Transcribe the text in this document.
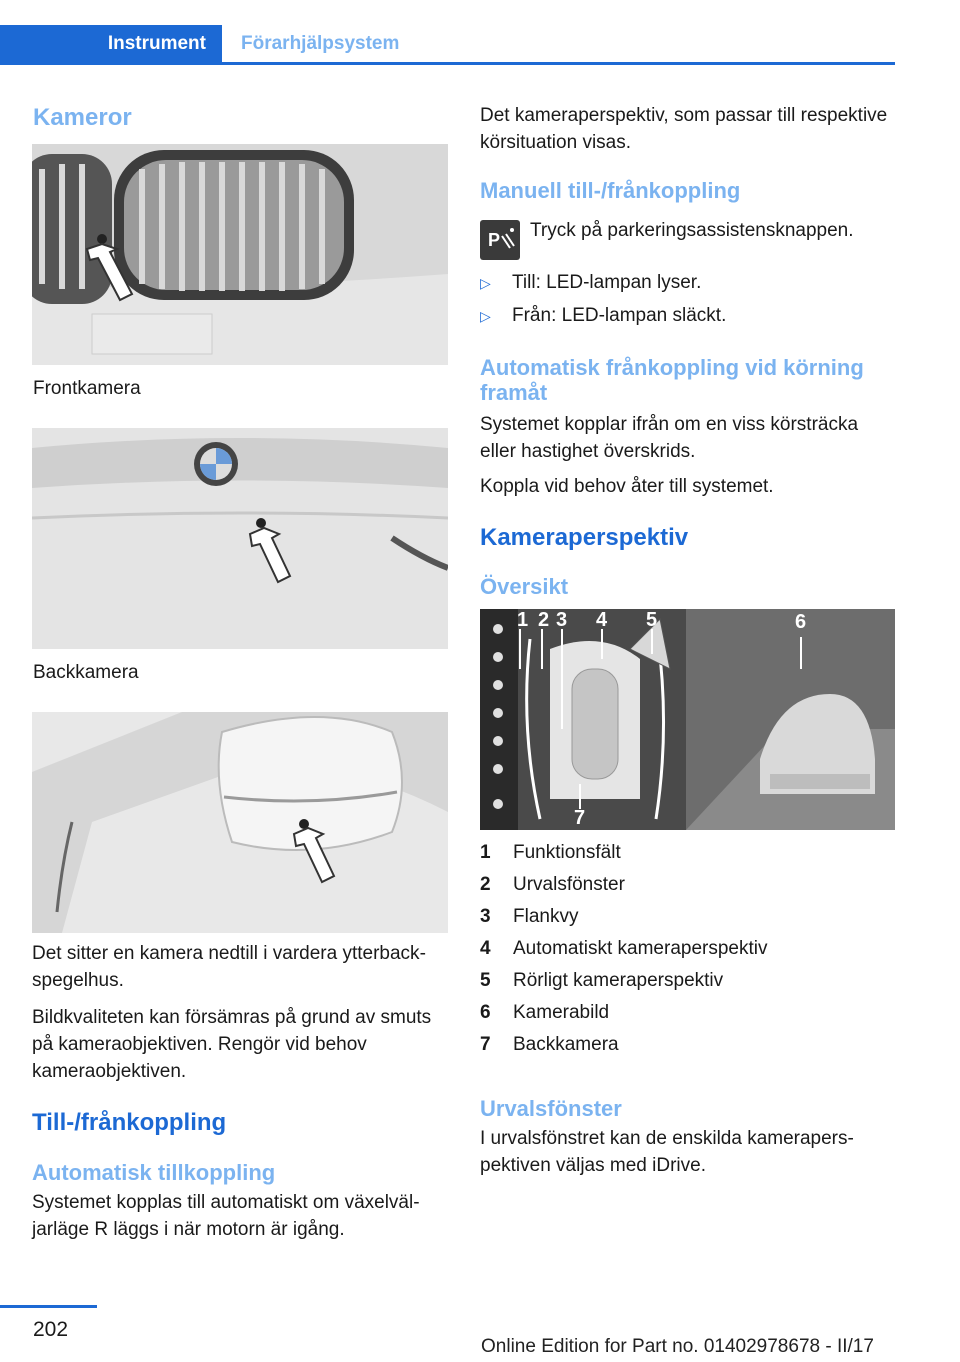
Instrument	Förarhjälpsystem
Kameror
Frontkamera
Backkamera

Det sitter en kamera nedtill i vardera ytterbackspegelhus.

Bildkvaliteten kan försämras på grund av smuts på kameraobjektiven. Rengör vid behov kameraobjektiven.

Till-/frånkoppling
Automatisk tillkoppling

Systemet kopplas till automatiskt om växelväljarläge R läggs i när motorn är igång.

Det kameraperspektiv, som passar till respektive körsituation visas.

Manuell till-/frånkoppling
P Tryck på parkeringsassistensknappen.

▷ Till: LED-lampan lyser.
▷ Från: LED-lampan släckt.
Automatisk frånkoppling vid körning framåt

Systemet kopplar ifrån om en viss körsträcka eller hastighet överskrids.

Koppla vid behov åter till systemet.

Kameraperspektiv
Översikt
1 2 3 4 5	6
7
1 Funktionsfält
2 Urvalsfönster
3 Flankvy
4 Automatiskt kameraperspektiv
5 Rörligt kameraperspektiv
6 Kamerabild
7 Backkamera
Urvalsfönster

I urvalsfönstret kan de enskilda kameraperspektiven väljas med iDrive.

202
Online Edition for Part no. 01402978678 - II/17
